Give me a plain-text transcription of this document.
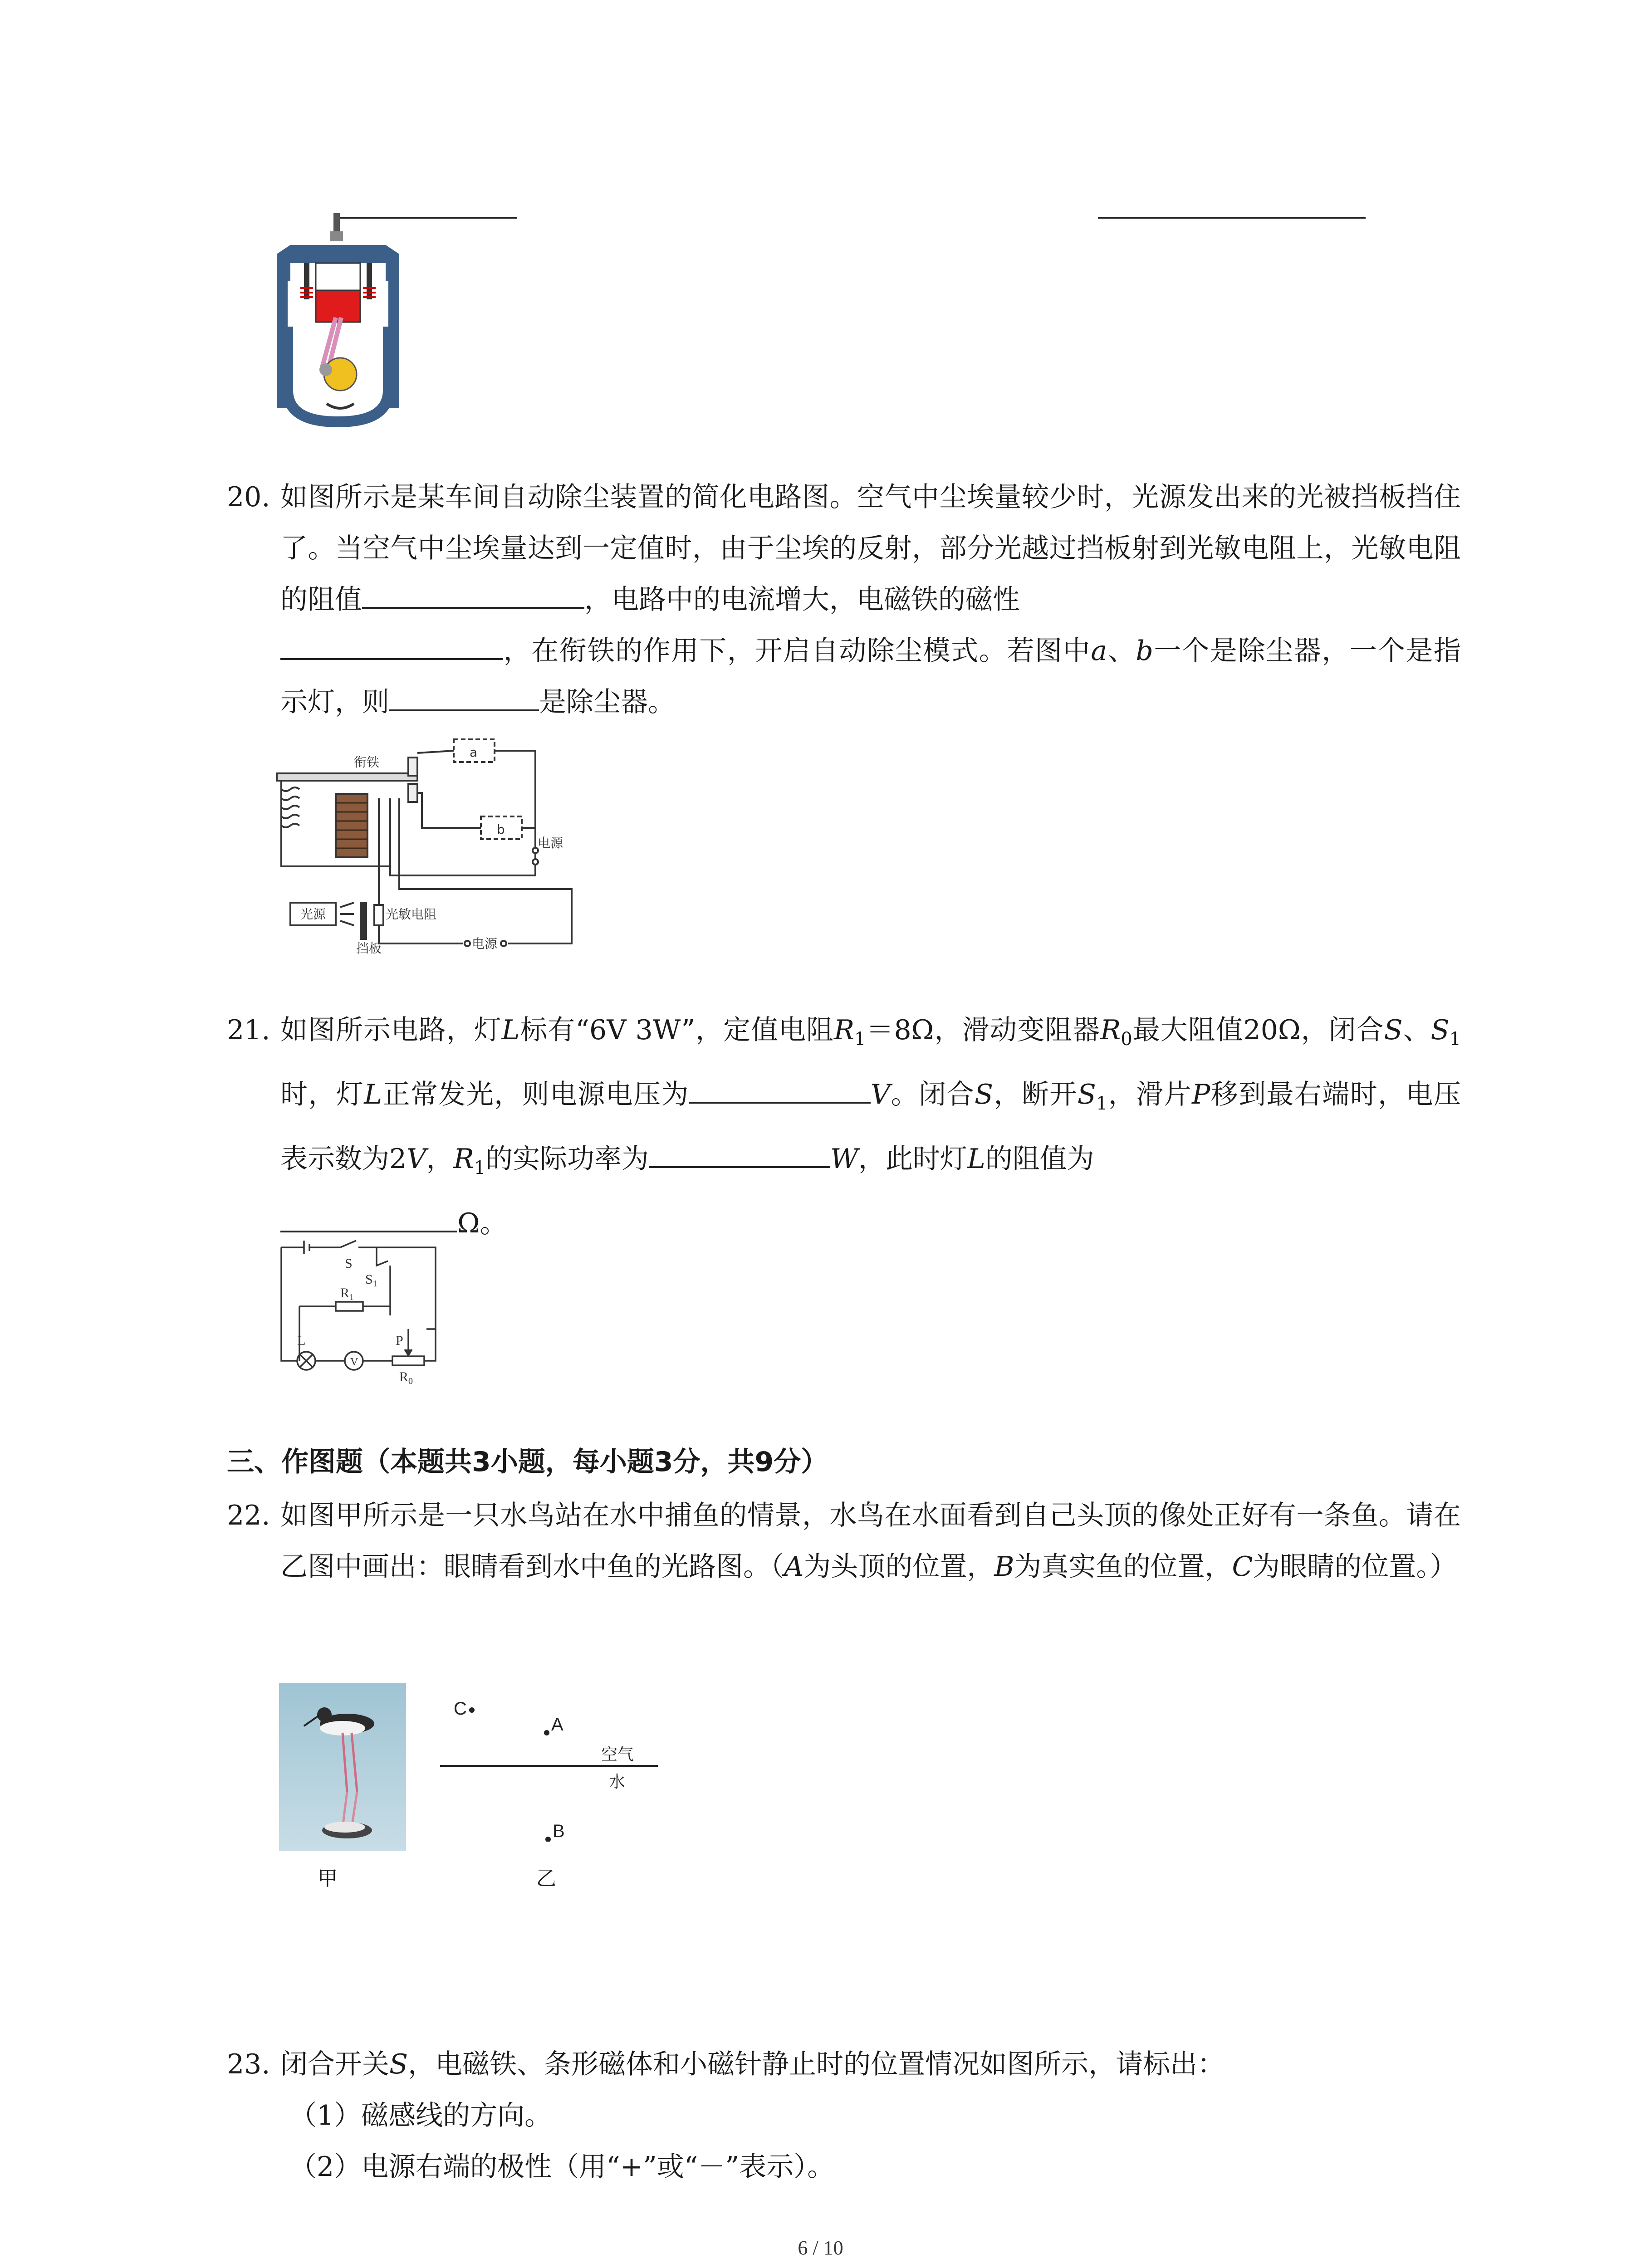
20. 如图所示是某车间自动除尘装置的简化电路图。空气中尘埃量较少时，光源发出来的光被挡板挡住了。当空气中尘埃量达到一定值时，由于尘埃的反射，部分光越过挡板射到光敏电阻上，光敏电阻的阻值	，电路中的电流增大，电磁铁的磁性
，在衔铁的作用下，开启自动除尘模式。若图中a、b一个是除尘器，一个是指示灯，则	是除尘器。
衔铁
a
b
电源
光源	光敏电阻
挡板	电源
21. 如图所示电路，灯L标有“6V 3W”，定值电阻$R_1=8\Omega$，滑动变阻器$R_0$最大阻值20Ω，闭合S、$S_1$时，灯L正常发光，则电源电压为	V。闭合S，断开$S_1$，滑片P移到最右端时，电压表示数为2V，$R_1$的实际功率为	W，此时灯L的阻值为
Ω。
S
$S_1$
$R_1$
L
V
P
$R_0$
三、作图题（本题共3小题，每小题3分，共9分）
22. 如图甲所示是一只水鸟站在水中捕鱼的情景，水鸟在水面看到自己头顶的像处正好有一条鱼。请在乙图中画出：眼睛看到水中鱼的光路图。（A为头顶的位置，B为真实鱼的位置，C为眼睛的位置。）
甲
C
A
空气
水
B
乙
23. 闭合开关S，电磁铁、条形磁体和小磁针静止时的位置情况如图所示，请标出：
（1）磁感线的方向。
（2）电源右端的极性（用“+”或“－”表示）。
6 / 10
